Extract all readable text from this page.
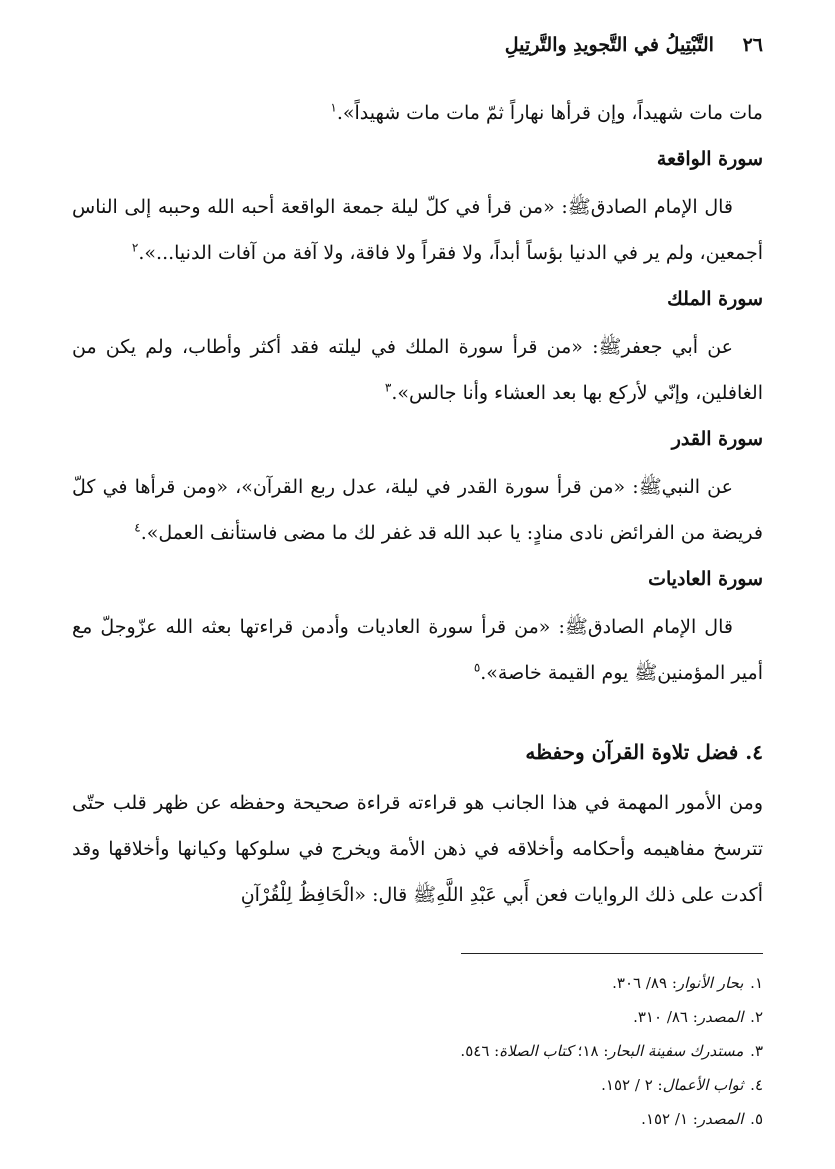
٢٦ التَّبْتِيلُ في التَّجويدِ والتَّرتِيلِ

مات مات شهيداً، وإن قرأها نهاراً ثمّ مات مات شهيداً».$^١$

سورة الواقعة

قال الإمام الصادقﷺ: «من قرأ في كلّ ليلة جمعة الواقعة أحبه الله وحببه إلى الناس أجمعين، ولم ير في الدنيا بؤساً أبداً، ولا فقراً ولا فاقة، ولا آفة من آفات الدنيا...».$^٢$

سورة الملك

عن أبي جعفرﷺ: «من قرأ سورة الملك في ليلته فقد أكثر وأطاب، ولم يكن من الغافلين، وإنّي لأركع بها بعد العشاء وأنا جالس».$^٣$

سورة القدر

عن النبيﷺ: «من قرأ سورة القدر في ليلة، عدل ربع القرآن»، «ومن قرأها في كلّ فريضة من الفرائض نادى منادٍ: يا عبد الله قد غفر لك ما مضى فاستأنف العمل».$^٤$

سورة العاديات

قال الإمام الصادقﷺ: «من قرأ سورة العاديات وأدمن قراءتها بعثه الله عزّوجلّ مع أمير المؤمنينﷺ يوم القيمة خاصة».$^٥$

٤. فضل تلاوة القرآن وحفظه

ومن الأمور المهمة في هذا الجانب هو قراءته قراءة صحيحة وحفظه عن ظهر قلب حتّى تترسخ مفاهيمه وأحكامه وأخلاقه في ذهن الأمة ويخرج في سلوكها وكيانها وأخلاقها وقد أكدت على ذلك الروايات فعن أَبي عَبْدِ اللَّهِﷺ قال: «الْحَافِظُ لِلْقُرْآنِ

١. بحار الأنوار: ٨٩/ ٣٠٦.
٢. المصدر: ٨٦/ ٣١٠.
٣. مستدرك سفينة البحار: ١٨؛ كتاب الصلاة: ٥٤٦.
٤. ثواب الأعمال: ٢ / ١٥٢.
٥. المصدر: ١/ ١٥٢.
